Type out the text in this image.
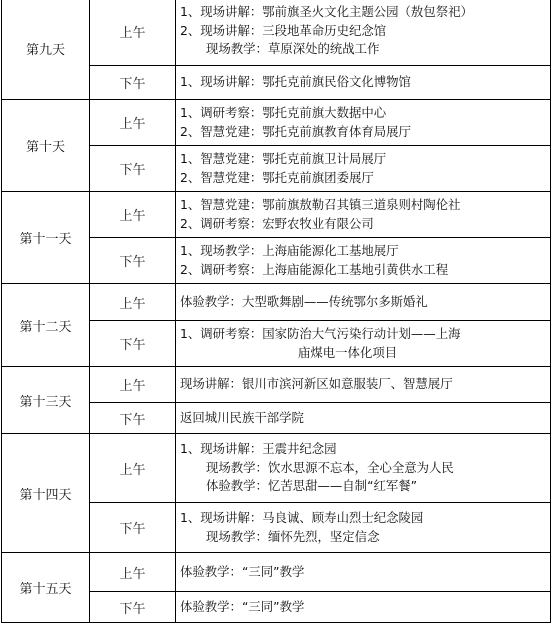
第九天	上午	1、现场讲解：鄂前旗圣火文化主题公园（敖包祭祀）
2、现场讲解：三段地革命历史纪念馆
现场教学：草原深处的统战工作

	下午	1、现场讲解：鄂托克前旗民俗文化博物馆

第十天	上午	1、调研考察：鄂托克前旗大数据中心
2、智慧党建：鄂托克前旗教育体育局展厅

	下午	1、智慧党建：鄂托克前旗卫计局展厅
2、智慧党建：鄂托克前旗团委展厅

第十一天	上午	1、智慧党建：鄂前旗敖勒召其镇三道泉则村陶伦社
2、调研考察：宏野农牧业有限公司

	下午	1、现场教学：上海庙能源化工基地展厅
2、调研考察：上海庙能源化工基地引黄供水工程

第十二天	上午	体验教学：大型歌舞剧——传统鄂尔多斯婚礼

	下午	1、调研考察：国家防治大气污染行动计划——上海
庙煤电一体化项目

第十三天	上午	现场讲解：银川市滨河新区如意服装厂、智慧展厅

	下午	返回城川民族干部学院

第十四天	上午	1、现场讲解：王震井纪念园
现场教学：饮水思源不忘本，全心全意为人民
体验教学：忆苦思甜——自制“红军餐”

	下午	1、现场讲解：马良诚、顾寿山烈士纪念陵园
现场教学：缅怀先烈，坚定信念

第十五天	上午	体验教学：“三同”教学

	下午	体验教学：“三同”教学
